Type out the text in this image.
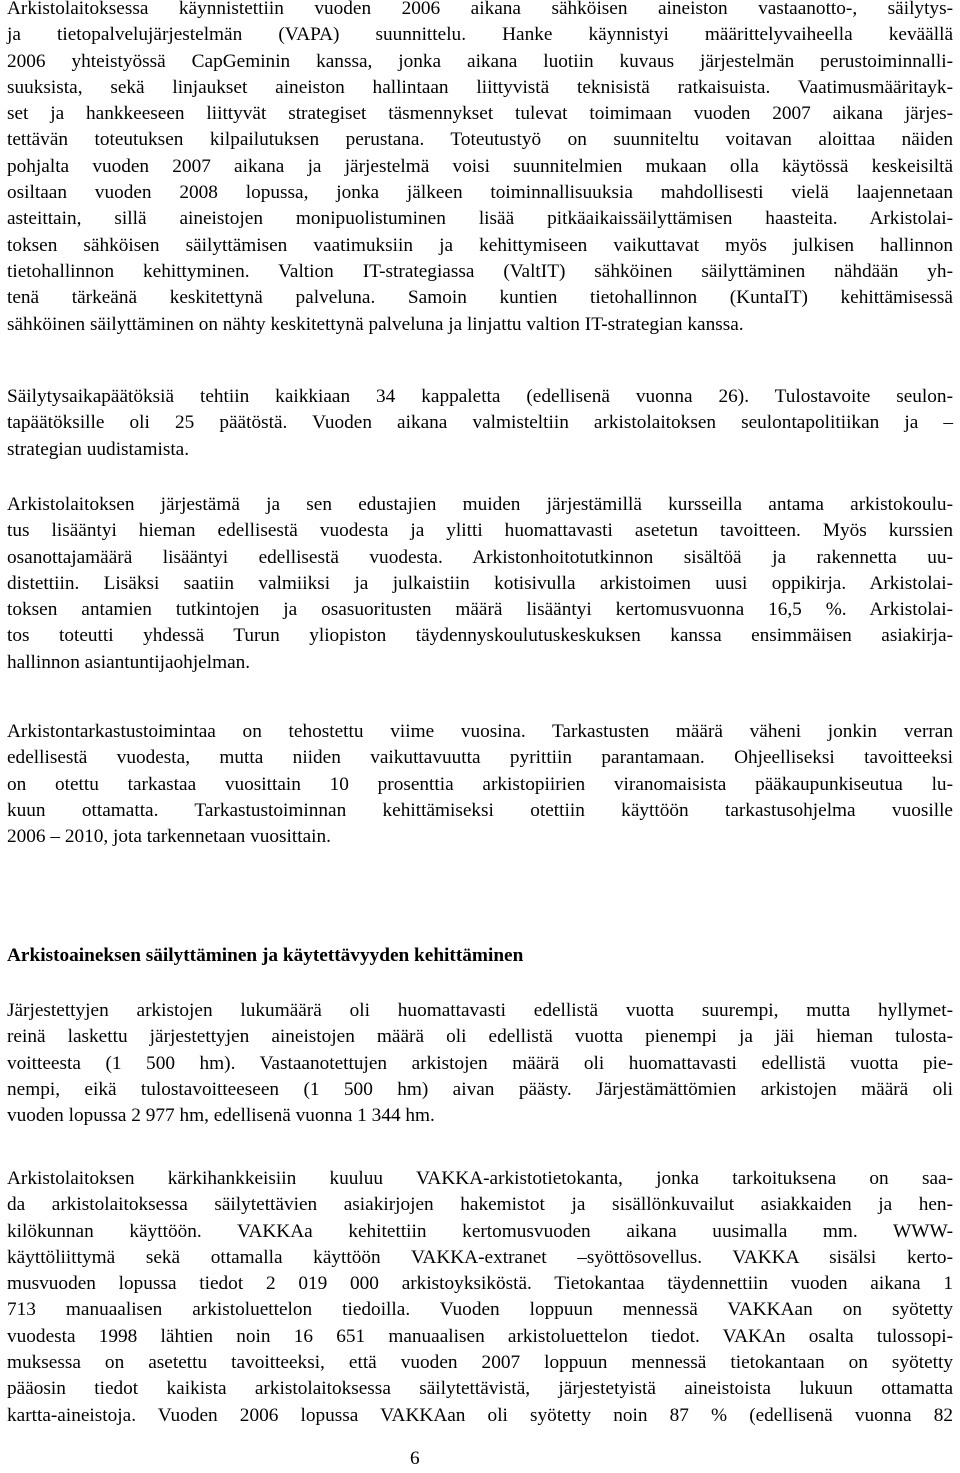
Arkistolaitoksessa käynnistettiin vuoden 2006 aikana sähköisen aineiston vastaanotto-, säilytys-
ja tietopalvelujärjestelmän (VAPA) suunnittelu. Hanke käynnistyi määrittelyvaiheella keväällä
2006 yhteistyössä CapGeminin kanssa, jonka aikana luotiin kuvaus järjestelmän perustoiminnalli-
suuksista, sekä linjaukset aineiston hallintaan liittyvistä teknisistä ratkaisuista. Vaatimusmääritayk-
set ja hankkeeseen liittyvät strategiset täsmennykset tulevat toimimaan vuoden 2007 aikana järjes-
tettävän toteutuksen kilpailutuksen perustana. Toteutustyö on suunniteltu voitavan aloittaa näiden
pohjalta vuoden 2007 aikana ja järjestelmä voisi suunnitelmien mukaan olla käytössä keskeisiltä
osiltaan vuoden 2008 lopussa, jonka jälkeen toiminnallisuuksia mahdollisesti vielä laajennetaan
asteittain, sillä aineistojen monipuolistuminen lisää pitkäaikaissäilyttämisen haasteita. Arkistolai-
toksen sähköisen säilyttämisen vaatimuksiin ja kehittymiseen vaikuttavat myös julkisen hallinnon
tietohallinnon kehittyminen. Valtion IT-strategiassa (ValtIT) sähköinen säilyttäminen nähdään yh-
tenä tärkeänä keskitettynä palveluna. Samoin kuntien tietohallinnon (KuntaIT) kehittämisessä
sähköinen säilyttäminen on nähty keskitettynä palveluna ja linjattu valtion IT-strategian kanssa.
Säilytysaikapäätöksiä tehtiin kaikkiaan 34 kappaletta (edellisenä vuonna 26). Tulostavoite seulon-
tapäätöksille oli 25 päätöstä. Vuoden aikana valmisteltiin arkistolaitoksen seulontapolitiikan ja –
strategian uudistamista.
Arkistolaitoksen järjestämä ja sen edustajien muiden järjestämillä kursseilla antama arkistokoulu-
tus lisääntyi hieman edellisestä vuodesta ja ylitti huomattavasti asetetun tavoitteen. Myös kurssien
osanottajamäärä lisääntyi edellisestä vuodesta. Arkistonhoitotutkinnon sisältöä ja rakennetta uu-
distettiin. Lisäksi saatiin valmiiksi ja julkaistiin kotisivulla arkistoimen uusi oppikirja. Arkistolai-
toksen antamien tutkintojen ja osasuoritusten määrä lisääntyi kertomusvuonna 16,5 %. Arkistolai-
tos toteutti yhdessä Turun yliopiston täydennyskoulutuskeskuksen kanssa ensimmäisen asiakirja-
hallinnon asiantuntijaohjelman.
Arkistontarkastustoimintaa on tehostettu viime vuosina. Tarkastusten määrä väheni jonkin verran
edellisestä vuodesta, mutta niiden vaikuttavuutta pyrittiin parantamaan. Ohjeelliseksi tavoitteeksi
on otettu tarkastaa vuosittain 10 prosenttia arkistopiirien viranomaisista pääkaupunkiseutua lu-
kuun ottamatta. Tarkastustoiminnan kehittämiseksi otettiin käyttöön tarkastusohjelma vuosille
2006 – 2010, jota tarkennetaan vuosittain.
Arkistoaineksen säilyttäminen ja käytettävyyden kehittäminen
Järjestettyjen arkistojen lukumäärä oli huomattavasti edellistä vuotta suurempi, mutta hyllymet-
reinä laskettu järjestettyjen aineistojen määrä oli edellistä vuotta pienempi ja jäi hieman tulosta-
voitteesta (1 500 hm). Vastaanotettujen arkistojen määrä oli huomattavasti edellistä vuotta pie-
nempi, eikä tulostavoitteeseen (1 500 hm) aivan päästy. Järjestämättömien arkistojen määrä oli
vuoden lopussa 2 977 hm, edellisenä vuonna 1 344 hm.
Arkistolaitoksen kärkihankkeisiin kuuluu VAKKA-arkistotietokanta, jonka tarkoituksena on saa-
da arkistolaitoksessa säilytettävien asiakirjojen hakemistot ja sisällönkuvailut asiakkaiden ja hen-
kilökunnan käyttöön. VAKKAa kehitettiin kertomusvuoden aikana uusimalla mm. WWW-
käyttöliittymä sekä ottamalla käyttöön VAKKA-extranet –syöttösovellus. VAKKA sisälsi kerto-
musvuoden lopussa tiedot 2 019 000 arkistoyksiköstä. Tietokantaa täydennettiin vuoden aikana 1
713 manuaalisen arkistoluettelon tiedoilla. Vuoden loppuun mennessä VAKKAan on syötetty
vuodesta 1998 lähtien noin 16 651 manuaalisen arkistoluettelon tiedot. VAKAn osalta tulossopi-
muksessa on asetettu tavoitteeksi, että vuoden 2007 loppuun mennessä tietokantaan on syötetty
pääosin tiedot kaikista arkistolaitoksessa säilytettävistä, järjestetyistä aineistoista lukuun ottamatta
kartta-aineistoja. Vuoden 2006 lopussa VAKKAan oli syötetty noin 87 % (edellisenä vuonna 82
6
